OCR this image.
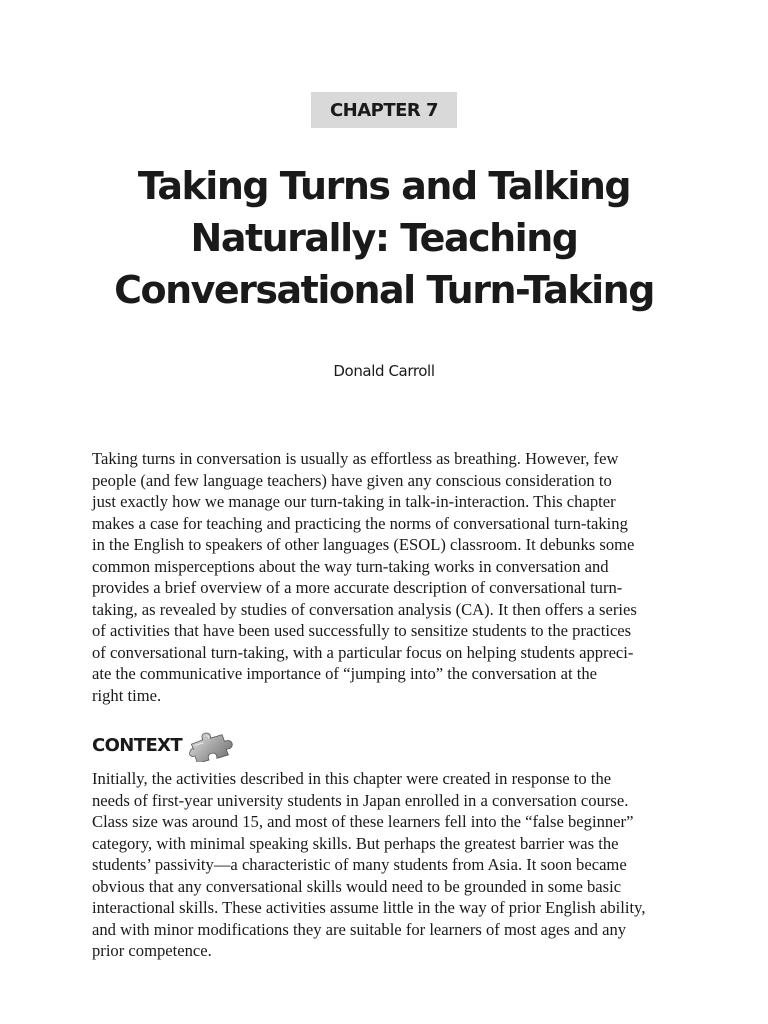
CHAPTER 7
Taking Turns and Talking
Naturally: Teaching
Conversational Turn-Taking
Donald Carroll

Taking turns in conversation is usually as effortless as breathing. However, few
people (and few language teachers) have given any conscious consideration to
just exactly how we manage our turn-taking in talk-in-interaction. This chapter
makes a case for teaching and practicing the norms of conversational turn-taking
in the English to speakers of other languages (ESOL) classroom. It debunks some
common misperceptions about the way turn-taking works in conversation and
provides a brief overview of a more accurate description of conversational turn-
taking, as revealed by studies of conversation analysis (CA). It then offers a series
of activities that have been used successfully to sensitize students to the practices
of conversational turn-taking, with a particular focus on helping students appreci-
ate the communicative importance of “jumping into” the conversation at the
right time.

CONTEXT

Initially, the activities described in this chapter were created in response to the
needs of first-year university students in Japan enrolled in a conversation course.
Class size was around 15, and most of these learners fell into the “false beginner”
category, with minimal speaking skills. But perhaps the greatest barrier was the
students’ passivity—a characteristic of many students from Asia. It soon became
obvious that any conversational skills would need to be grounded in some basic
interactional skills. These activities assume little in the way of prior English ability,
and with minor modifications they are suitable for learners of most ages and any
prior competence.
